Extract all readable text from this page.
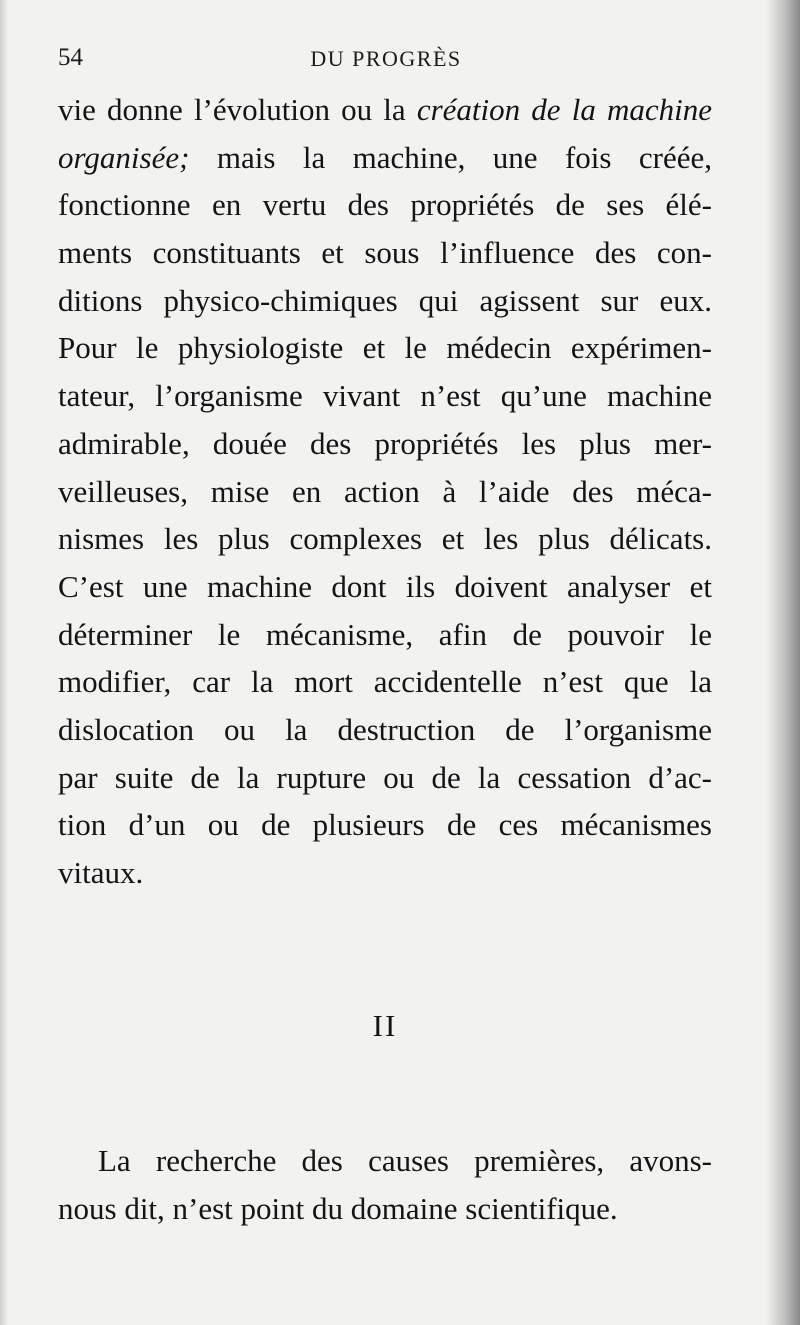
54	DU PROGRÈS
vie donne l’évolution ou la création de la machine
organisée; mais la machine, une fois créée,
fonctionne en vertu des propriétés de ses élé-
ments constituants et sous l’influence des con-
ditions physico-chimiques qui agissent sur eux.
Pour le physiologiste et le médecin expérimen-
tateur, l’organisme vivant n’est qu’une machine
admirable, douée des propriétés les plus mer-
veilleuses, mise en action à l’aide des méca-
nismes les plus complexes et les plus délicats.
C’est une machine dont ils doivent analyser et
déterminer le mécanisme, afin de pouvoir le
modifier, car la mort accidentelle n’est que la
dislocation ou la destruction de l’organisme
par suite de la rupture ou de la cessation d’ac-
tion d’un ou de plusieurs de ces mécanismes
vitaux.
II
La recherche des causes premières, avons-
nous dit, n’est point du domaine scientifique.
